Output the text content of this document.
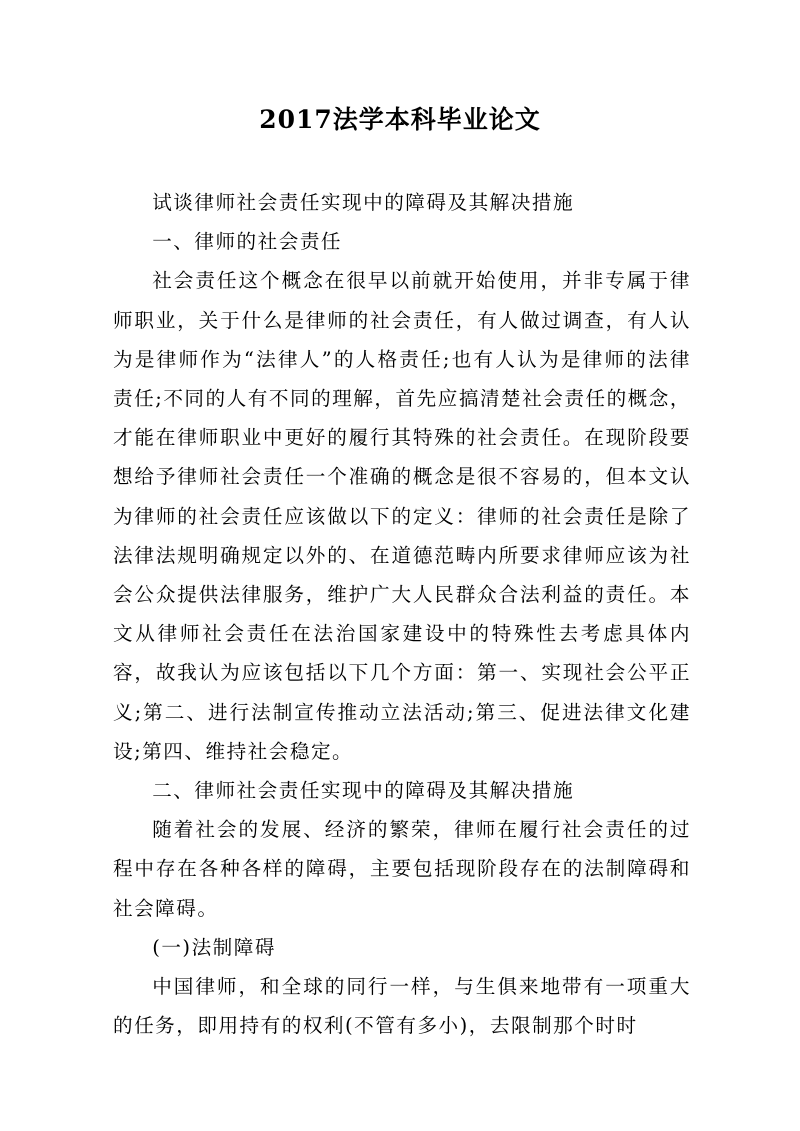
2017法学本科毕业论文

试谈律师社会责任实现中的障碍及其解决措施

一、律师的社会责任

社会责任这个概念在很早以前就开始使用，并非专属于律师职业，关于什么是律师的社会责任，有人做过调查，有人认为是律师作为“法律人”的人格责任;也有人认为是律师的法律责任;不同的人有不同的理解，首先应搞清楚社会责任的概念，才能在律师职业中更好的履行其特殊的社会责任。在现阶段要想给予律师社会责任一个准确的概念是很不容易的，但本文认为律师的社会责任应该做以下的定义：律师的社会责任是除了法律法规明确规定以外的、在道德范畴内所要求律师应该为社会公众提供法律服务，维护广大人民群众合法利益的责任。本文从律师社会责任在法治国家建设中的特殊性去考虑具体内容，故我认为应该包括以下几个方面：第一、实现社会公平正义;第二、进行法制宣传推动立法活动;第三、促进法律文化建设;第四、维持社会稳定。

二、律师社会责任实现中的障碍及其解决措施

随着社会的发展、经济的繁荣，律师在履行社会责任的过程中存在各种各样的障碍，主要包括现阶段存在的法制障碍和社会障碍。

(一)法制障碍

中国律师，和全球的同行一样，与生俱来地带有一项重大的任务，即用持有的权利(不管有多小)，去限制那个时时
